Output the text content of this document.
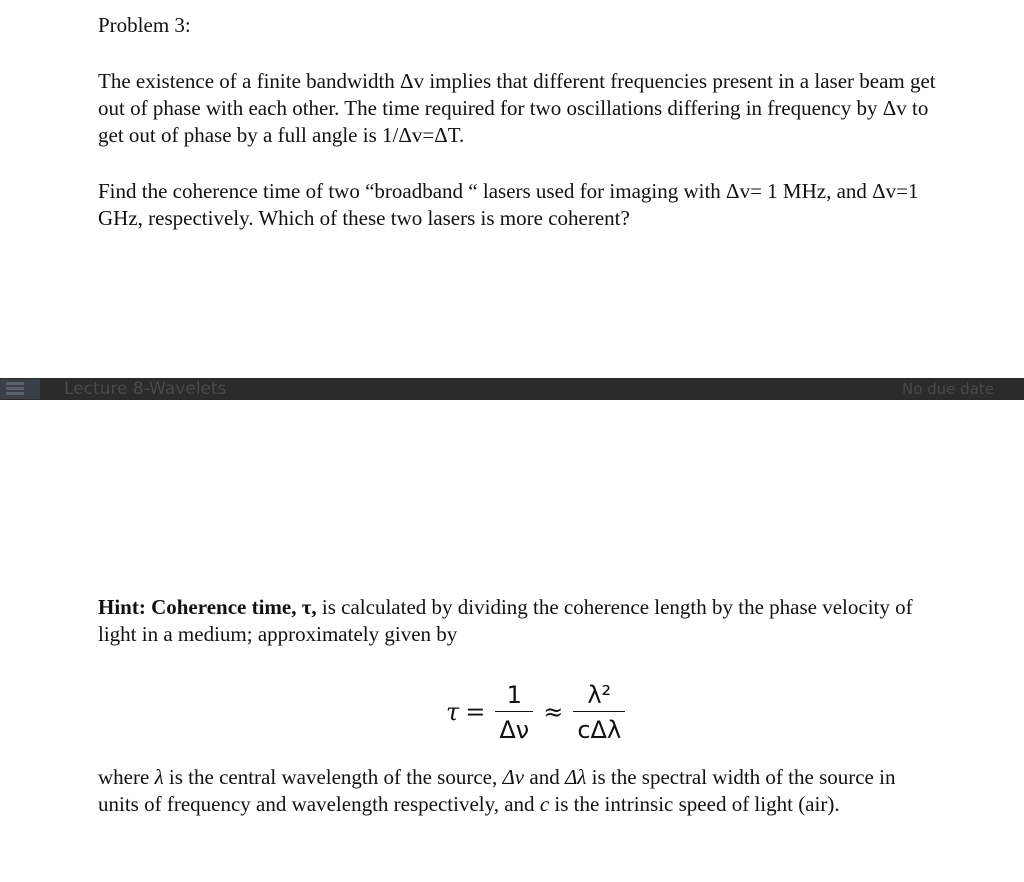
Problem 3:
The existence of a finite bandwidth Δv implies that different frequencies present in a laser beam get out of phase with each other. The time required for two oscillations differing in frequency by Δv to get out of phase by a full angle is 1/Δv=ΔT.
Find the coherence time of two “broadband “ lasers used for imaging with Δv= 1 MHz, and Δv=1 GHz, respectively. Which of these two lasers is more coherent?
Lecture 8-Wavelets	No due date
Hint: Coherence time, τ, is calculated by dividing the coherence length by the phase velocity of light in a medium; approximately given by
$\tau = \frac{1}{\Delta\nu} \approx \frac{\text{λ²}}{\text{cΔλ}}$
where λ is the central wavelength of the source, Δv and Δλ is the spectral width of the source in units of frequency and wavelength respectively, and c is the intrinsic speed of light (air).
